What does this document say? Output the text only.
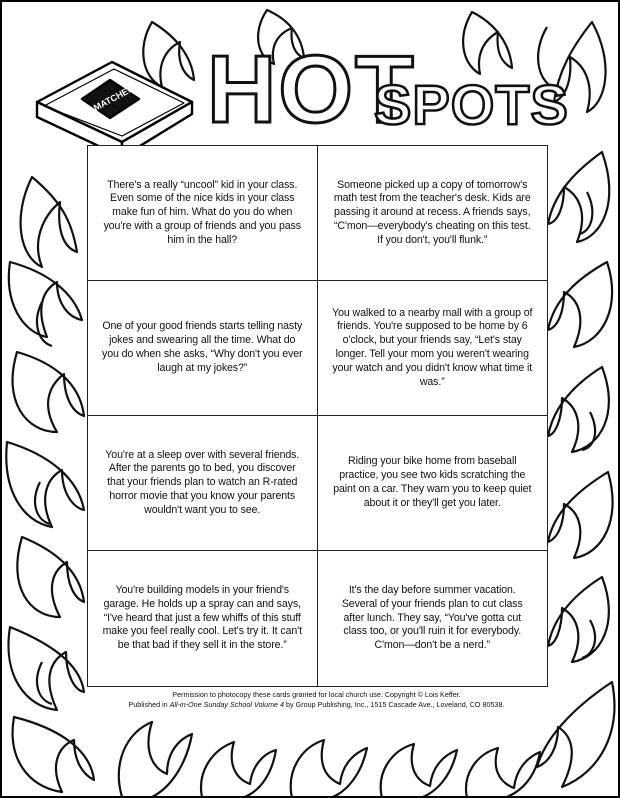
HOT
SPOTS
MATCHES

There's a really “uncool” kid in your class. Even some of the nice kids in your class make fun of him. What do you do when you're with a group of friends and you pass him in the hall?

Someone picked up a copy of tomorrow's math test from the teacher's desk. Kids are passing it around at recess. A friends says, “C'mon—everybody's cheating on this test. If you don't, you'll flunk.”

One of your good friends starts telling nasty jokes and swearing all the time. What do you do when she asks, “Why don't you ever laugh at my jokes?”

You walked to a nearby mall with a group of friends. You're supposed to be home by 6 o'clock, but your friends say, “Let's stay longer. Tell your mom you weren't wearing your watch and you didn't know what time it was.”

You're at a sleep over with several friends. After the parents go to bed, you discover that your friends plan to watch an R-rated horror movie that you know your parents wouldn't want you to see.

Riding your bike home from baseball practice, you see two kids scratching the paint on a car. They warn you to keep quiet about it or they'll get you later.

You're building models in your friend's garage. He holds up a spray can and says, “I've heard that just a few whiffs of this stuff make you feel really cool. Let's try it. It can't be that bad if they sell it in the store.”

It's the day before summer vacation. Several of your friends plan to cut class after lunch. They say, “You've gotta cut class too, or you'll ruin it for everybody. C'mon—don't be a nerd.”

Permission to photocopy these cards granted for local church use. Copyright © Lois Keffer.
Published in All-in-One Sunday School Volume 4 by Group Publishing, Inc., 1515 Cascade Ave., Loveland, CO 80538.
